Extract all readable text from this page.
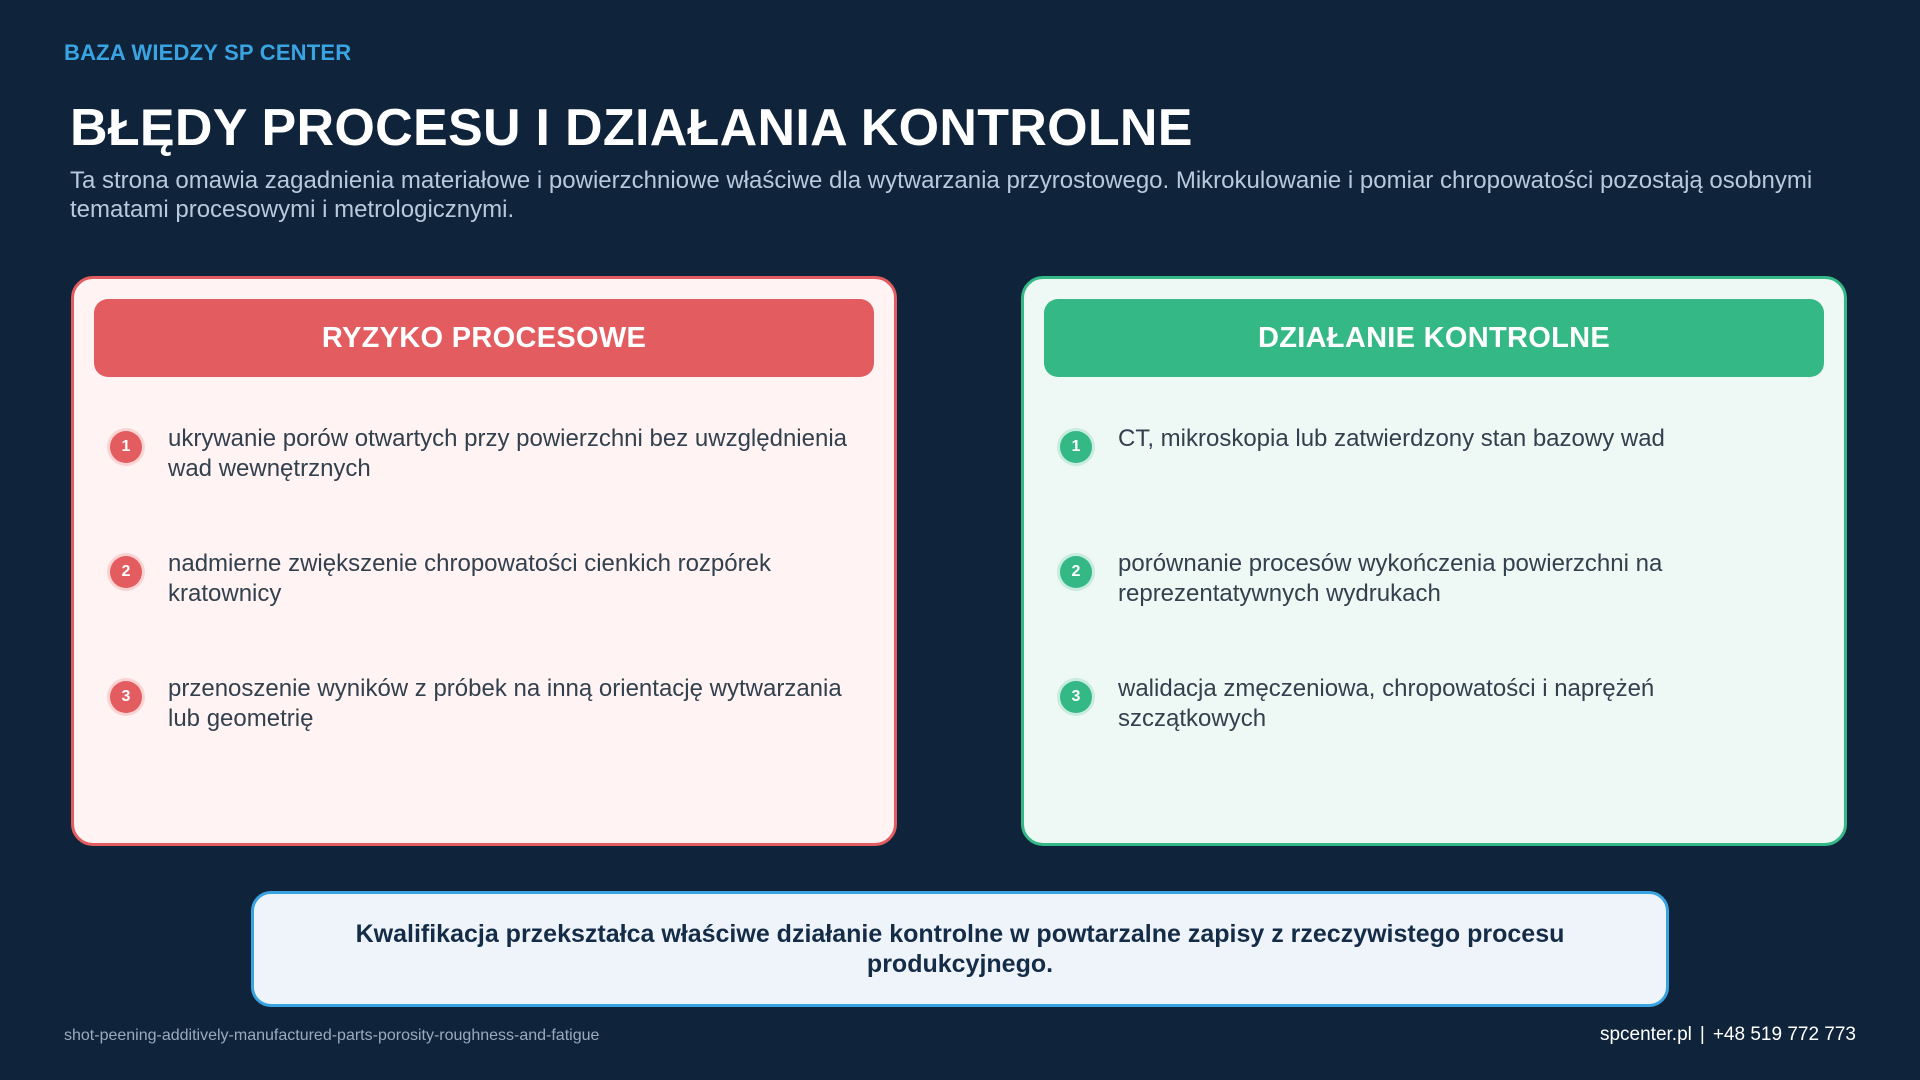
BAZA WIEDZY SP CENTER
BŁĘDY PROCESU I DZIAŁANIA KONTROLNE

Ta strona omawia zagadnienia materiałowe i powierzchniowe właściwe dla wytwarzania przyrostowego. Mikrokulowanie i pomiar chropowatości pozostają osobnymi tematami procesowymi i metrologicznymi.

RYZYKO PROCESOWE
1	ukrywanie porów otwartych przy powierzchni bez uwzględnienia wad wewnętrznych
2	nadmierne zwiększenie chropowatości cienkich rozpórek kratownicy
3	przenoszenie wyników z próbek na inną orientację wytwarzania lub geometrię
DZIAŁANIE KONTROLNE
1	CT, mikroskopia lub zatwierdzony stan bazowy wad
2	porównanie procesów wykończenia powierzchni na reprezentatywnych wydrukach
3	walidacja zmęczeniowa, chropowatości i naprężeń szczątkowych
Kwalifikacja przekształca właściwe działanie kontrolne w powtarzalne zapisy z rzeczywistego procesu produkcyjnego.
shot-peening-additively-manufactured-parts-porosity-roughness-and-fatigue	spcenter.pl | +48 519 772 773
